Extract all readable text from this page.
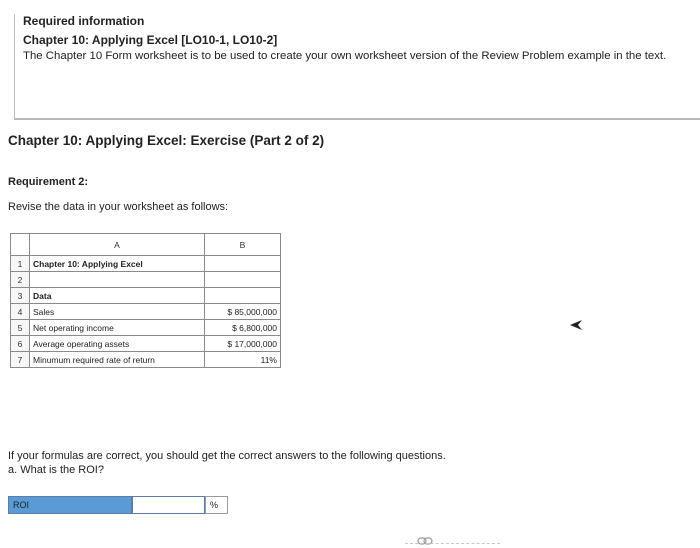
Required information
Chapter 10: Applying Excel [LO10-1, LO10-2]
The Chapter 10 Form worksheet is to be used to create your own worksheet version of the Review Problem example in the text.
Chapter 10: Applying Excel: Exercise (Part 2 of 2)
Requirement 2:
Revise the data in your worksheet as follows:
	A	B
1	Chapter 10: Applying Excel	
2		
3	Data	
4	Sales	$ 85,000,000
5	Net operating income	$ 6,800,000
6	Average operating assets	$ 17,000,000
7	Minumum required rate of return	11%
If your formulas are correct, you should get the correct answers to the following questions.
a. What is the ROI?
ROI	%
